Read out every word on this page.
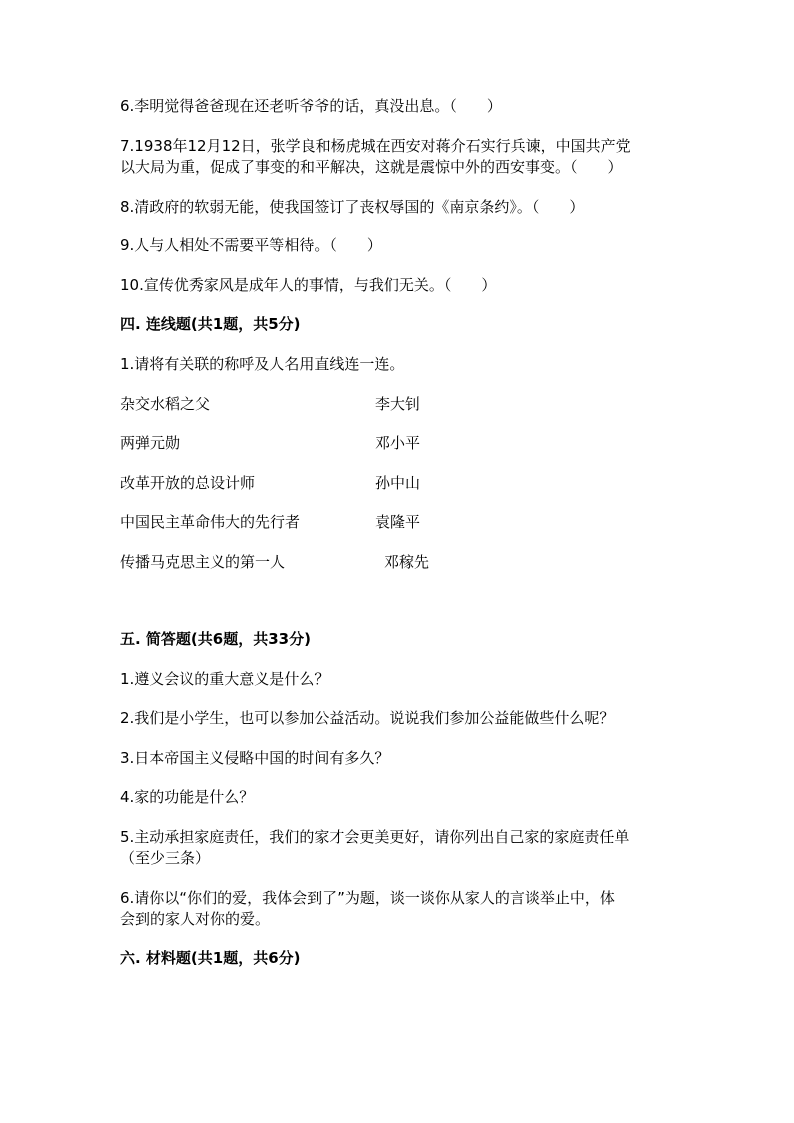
6.李明觉得爸爸现在还老听爷爷的话，真没出息。（　　）
7.1938年12月12日，张学良和杨虎城在西安对蒋介石实行兵谏，中国共产党
以大局为重，促成了事变的和平解决，这就是震惊中外的西安事变。（　　）
8.清政府的软弱无能，使我国签订了丧权辱国的《南京条约》。（　　）
9.人与人相处不需要平等相待。（　　）
10.宣传优秀家风是成年人的事情，与我们无关。（　　）
四. 连线题(共1题，共5分)
1.请将有关联的称呼及人名用直线连一连。
杂交水稻之父	李大钊
两弹元勋	邓小平
改革开放的总设计师	孙中山
中国民主革命伟大的先行者	袁隆平
传播马克思主义的第一人	邓稼先
五. 简答题(共6题，共33分)
1.遵义会议的重大意义是什么？
2.我们是小学生，也可以参加公益活动。说说我们参加公益能做些什么呢？
3.日本帝国主义侵略中国的时间有多久？
4.家的功能是什么？
5.主动承担家庭责任，我们的家才会更美更好，请你列出自己家的家庭责任单
（至少三条）
6.请你以“你们的爱，我体会到了”为题，谈一谈你从家人的言谈举止中，体
会到的家人对你的爱。
六. 材料题(共1题，共6分)
